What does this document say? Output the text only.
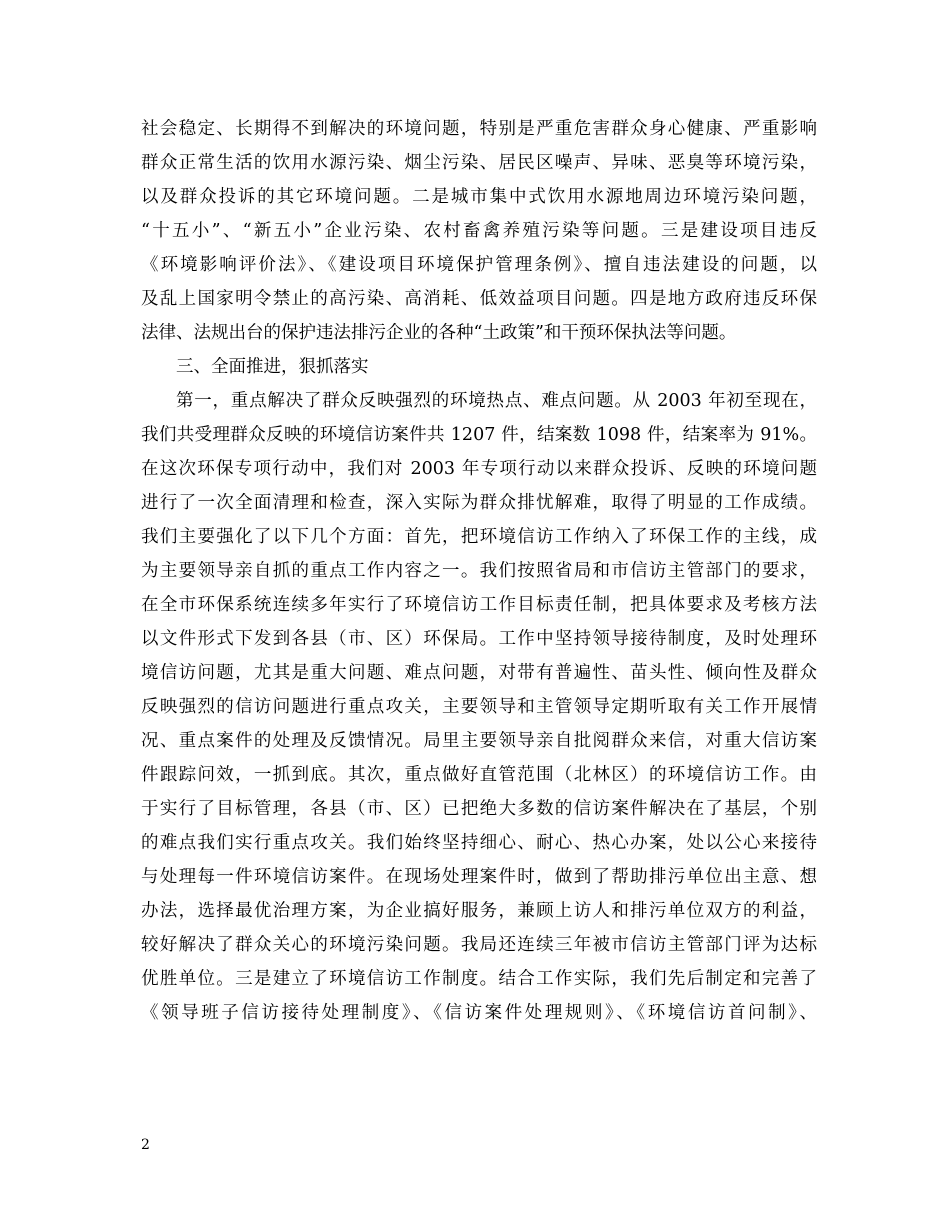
社会稳定、长期得不到解决的环境问题，特别是严重危害群众身心健康、严重影响
群众正常生活的饮用水源污染、烟尘污染、居民区噪声、异味、恶臭等环境污染，
以及群众投诉的其它环境问题。二是城市集中式饮用水源地周边环境污染问题，
“十五小”、“新五小”企业污染、农村畜禽养殖污染等问题。三是建设项目违反
《环境影响评价法》、《建设项目环境保护管理条例》、擅自违法建设的问题，以
及乱上国家明令禁止的高污染、高消耗、低效益项目问题。四是地方政府违反环保
法律、法规出台的保护违法排污企业的各种“土政策”和干预环保执法等问题。
三、全面推进，狠抓落实
第一，重点解决了群众反映强烈的环境热点、难点问题。从 2003 年初至现在，
我们共受理群众反映的环境信访案件共 1207 件，结案数 1098 件，结案率为 91%。
在这次环保专项行动中，我们对 2003 年专项行动以来群众投诉、反映的环境问题
进行了一次全面清理和检查，深入实际为群众排忧解难，取得了明显的工作成绩。
我们主要强化了以下几个方面：首先，把环境信访工作纳入了环保工作的主线，成
为主要领导亲自抓的重点工作内容之一。我们按照省局和市信访主管部门的要求，
在全市环保系统连续多年实行了环境信访工作目标责任制，把具体要求及考核方法
以文件形式下发到各县（市、区）环保局。工作中坚持领导接待制度，及时处理环
境信访问题，尤其是重大问题、难点问题，对带有普遍性、苗头性、倾向性及群众
反映强烈的信访问题进行重点攻关，主要领导和主管领导定期听取有关工作开展情
况、重点案件的处理及反馈情况。局里主要领导亲自批阅群众来信，对重大信访案
件跟踪问效，一抓到底。其次，重点做好直管范围（北林区）的环境信访工作。由
于实行了目标管理，各县（市、区）已把绝大多数的信访案件解决在了基层，个别
的难点我们实行重点攻关。我们始终坚持细心、耐心、热心办案，处以公心来接待
与处理每一件环境信访案件。在现场处理案件时，做到了帮助排污单位出主意、想
办法，选择最优治理方案，为企业搞好服务，兼顾上访人和排污单位双方的利益，
较好解决了群众关心的环境污染问题。我局还连续三年被市信访主管部门评为达标
优胜单位。三是建立了环境信访工作制度。结合工作实际，我们先后制定和完善了
《领导班子信访接待处理制度》、《信访案件处理规则》、《环境信访首问制》、
2
